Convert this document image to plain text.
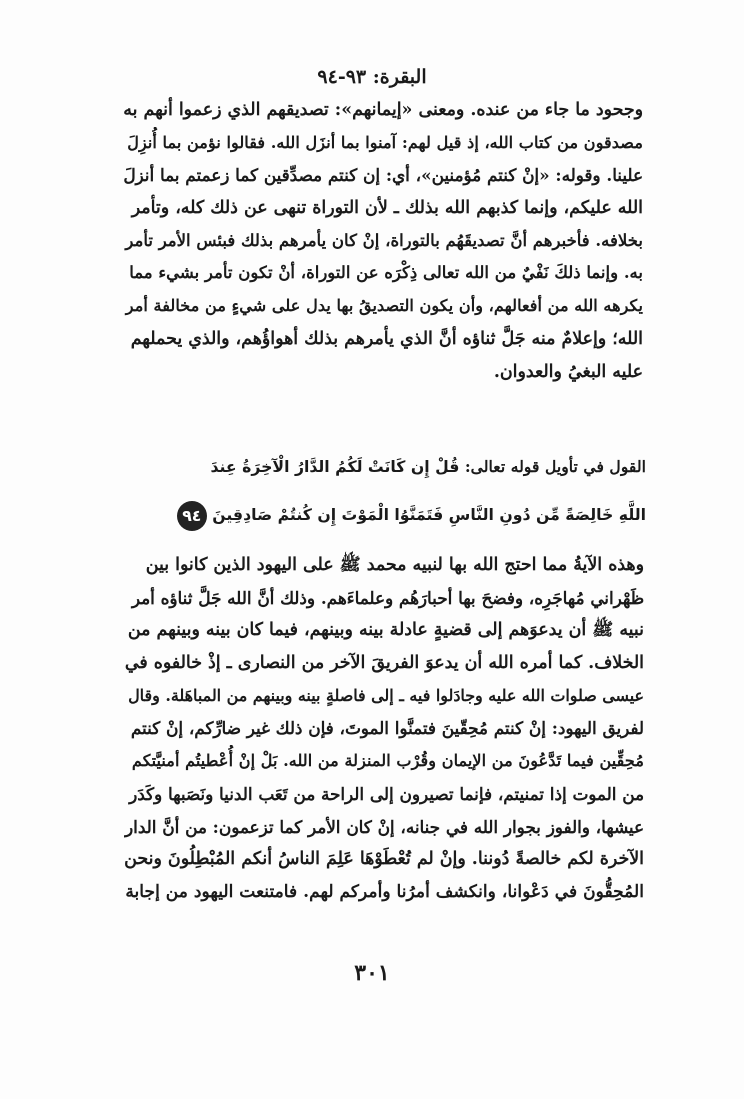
البقرة: ٩٣-٩٤
وجحود ما جاء من عنده. ومعنى «إيمانهم»: تصديقهم الذي زعموا أنهم به
مصدقون من كتاب الله، إذ قيل لهم: آمنوا بما أنزَل الله. فقالوا نؤمن بما أُنزِلَ
علينا. وقوله: «إنْ كنتم مُؤمنين»، أي: إن كنتم مصدِّقين كما زعمتم بما أنزلَ
الله عليكم، وإنما كذبهم الله بذلك ـ لأن التوراة تنهى عن ذلك كله، وتأمر
بخلافه. فأخبرهم أنَّ تصديقَهُم بالتوراة، إنْ كان يأمرهم بذلك فبئس الأمر تأمر
به. وإنما ذلكَ نَفْيٌ من الله تعالى ذِكْرَه عن التوراة، أنْ تكون تأمر بشيء مما
يكرهه الله من أفعالهم، وأن يكون التصديقُ بها يدل على شيءٍ من مخالفة أمر
الله؛ وإعلامٌ منه جَلَّ ثناؤه أنَّ الذي يأمرهم بذلك أهواؤُهم، والذي يحملهم
عليه البغيُ والعدوان.
القول في تأويل قوله تعالى: قُلْ إِن كَانَتْ لَكُمُ الدَّارُ الْآخِرَةُ عِندَ
اللَّهِ خَالِصَةً مِّن دُونِ النَّاسِ فَتَمَنَّوُا الْمَوْتَ إِن كُنتُمْ صَادِقِينَ ٩٤
وهذه الآيةُ مما احتج الله بها لنبيه محمد ﷺ على اليهود الذين كانوا بين
ظَهْراني مُهاجَرِه، وفضحَ بها أحبارَهُم وعلماءَهم. وذلك أنَّ الله جَلَّ ثناؤه أمر
نبيه ﷺ أن يدعوَهم إلى قضيةٍ عادلة بينه وبينهم، فيما كان بينه وبينهم من
الخلاف. كما أمره الله أن يدعوَ الفريقَ الآخر من النصارى ـ إذْ خالفوه في
عيسى صلوات الله عليه وجادَلوا فيه ـ إلى فاصلةٍ بينه وبينهم من المباهَلة. وقال
لفريق اليهود: إنْ كنتم مُحِقّينَ فتمنَّوا الموتَ، فإن ذلك غير ضارِّكم، إنْ كنتم
مُحِقِّين فيما تَدَّعُونَ من الإيمان وقُرْب المنزلة من الله. بَلْ إنْ أُعْطيتُم أمنيَّتكم
من الموت إذا تمنيتم، فإنما تصيرون إلى الراحة من تَعَب الدنيا ونَصَبها وكَدَر
عيشها، والفوز بجوار الله في جنانه، إنْ كان الأمر كما تزعمون: من أنَّ الدار
الآخرة لكم خالصةً دُوننا. وإنْ لم تُعْطَوْهَا عَلِمَ الناسُ أنكم المُبْطِلُونَ ونحن
المُحِقُّونَ في دَعْوانا، وانكشف أمرُنا وأمركم لهم. فامتنعت اليهود من إجابة
٣٠١
